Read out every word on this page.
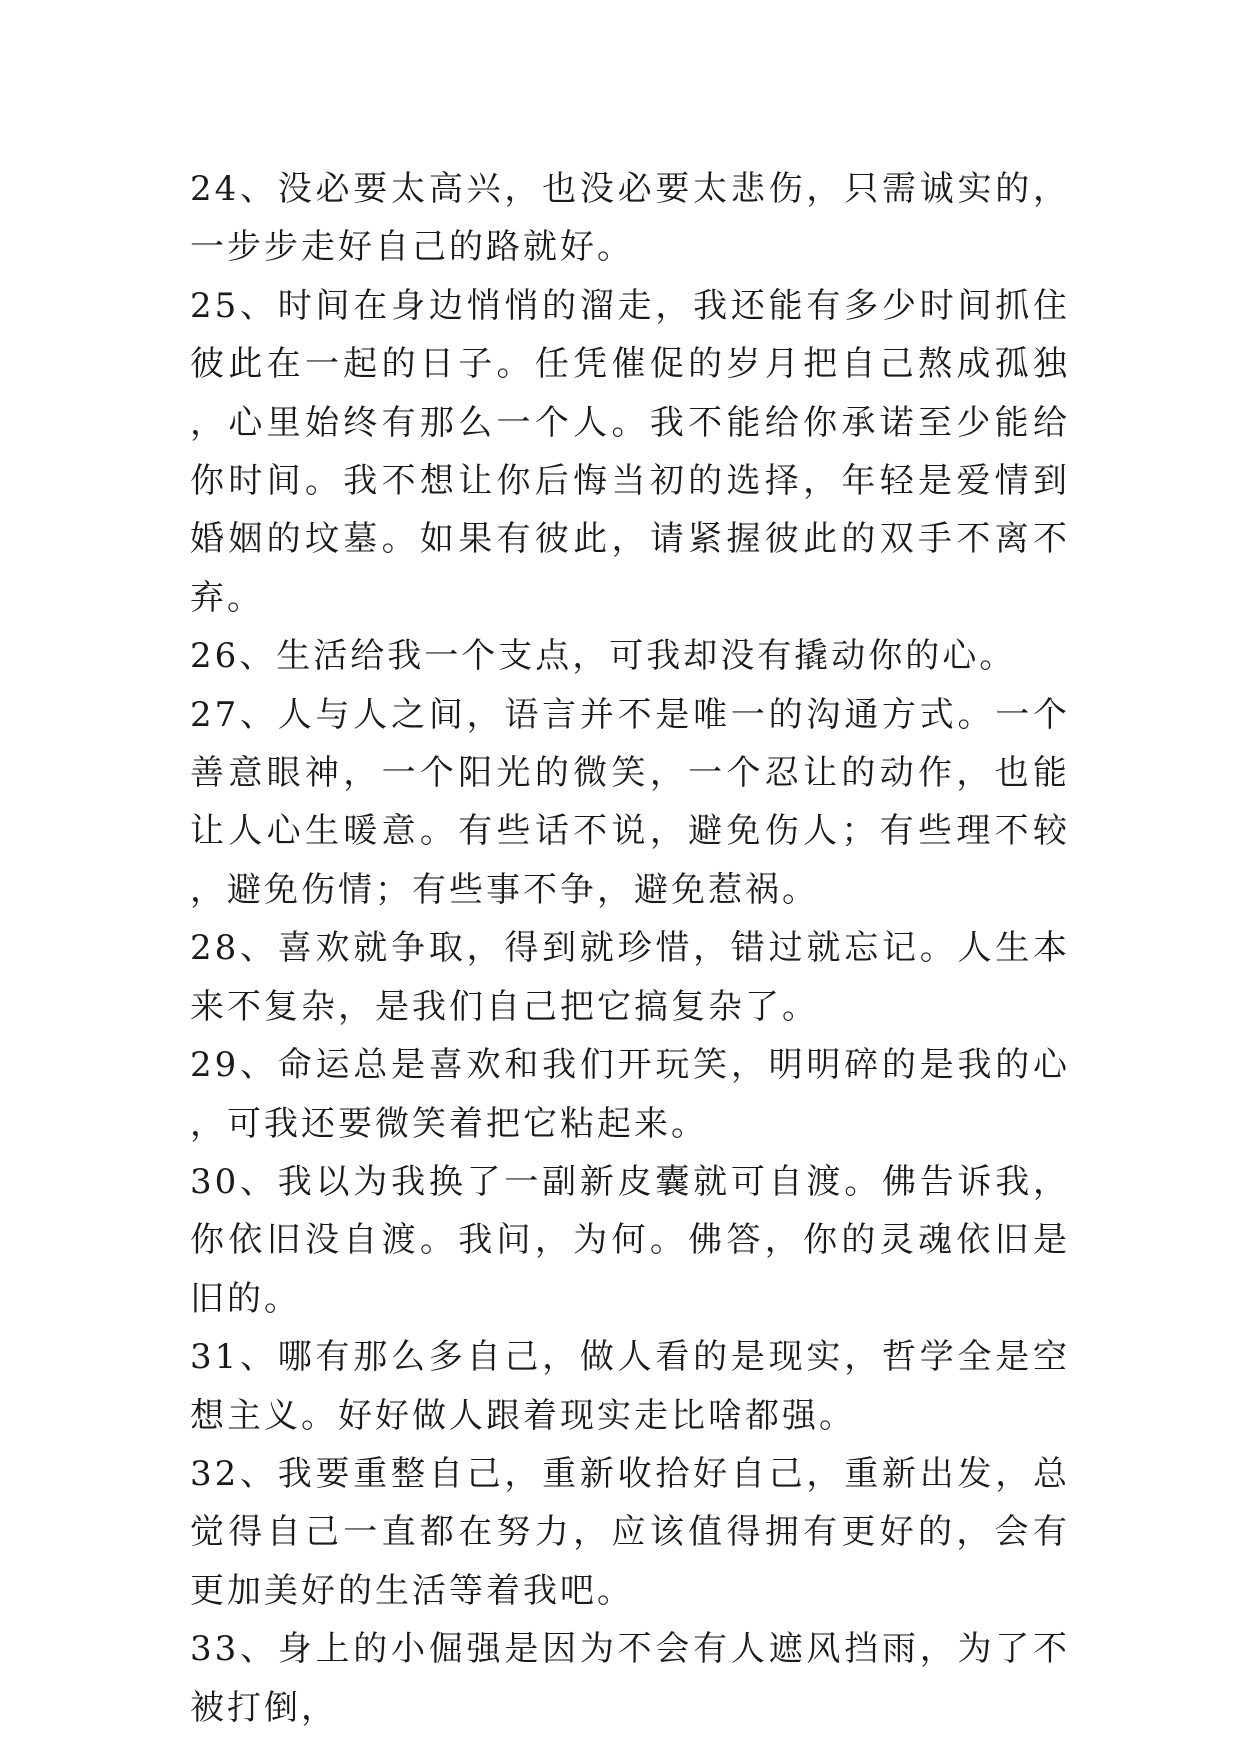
24、没必要太高兴，也没必要太悲伤，只需诚实的，一步步走好自己的路就好。

25、时间在身边悄悄的溜走，我还能有多少时间抓住彼此在一起的日子。任凭催促的岁月把自己熬成孤独，心里始终有那么一个人。我不能给你承诺至少能给你时间。我不想让你后悔当初的选择，年轻是爱情到婚姻的坟墓。如果有彼此，请紧握彼此的双手不离不弃。

26、生活给我一个支点，可我却没有撬动你的心。

27、人与人之间，语言并不是唯一的沟通方式。一个善意眼神，一个阳光的微笑，一个忍让的动作，也能让人心生暖意。有些话不说，避免伤人；有些理不较，避免伤情；有些事不争，避免惹祸。

28、喜欢就争取，得到就珍惜，错过就忘记。人生本来不复杂，是我们自己把它搞复杂了。

29、命运总是喜欢和我们开玩笑，明明碎的是我的心，可我还要微笑着把它粘起来。

30、我以为我换了一副新皮囊就可自渡。佛告诉我，你依旧没自渡。我问，为何。佛答，你的灵魂依旧是旧的。

31、哪有那么多自己，做人看的是现实，哲学全是空想主义。好好做人跟着现实走比啥都强。

32、我要重整自己，重新收拾好自己，重新出发，总觉得自己一直都在努力，应该值得拥有更好的，会有更加美好的生活等着我吧。

33、身上的小倔强是因为不会有人遮风挡雨，为了不被打倒，
